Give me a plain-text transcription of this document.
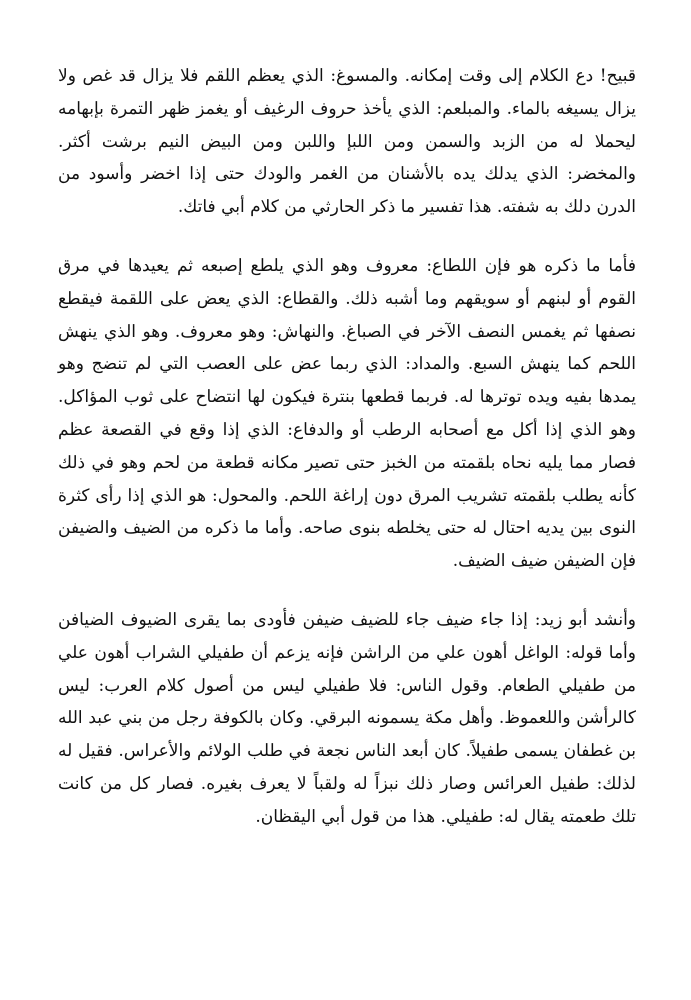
قبيح! دع الكلام إلى وقت إمكانه. والمسوغ: الذي يعظم اللقم فلا يزال قد غص ولا يزال يسيغه بالماء. والمبلعم: الذي يأخذ حروف الرغيف أو يغمز ظهر التمرة بإبهامه ليحملا له من الزبد والسمن ومن اللبإ واللبن ومن البيض النيم برشت أكثر. والمخضر: الذي يدلك يده بالأشنان من الغمر والودك حتى إذا اخضر وأسود من الدرن دلك به شفته. هذا تفسير ما ذكر الحارثي من كلام أبي فاتك.

فأما ما ذكره هو فإن اللطاع: معروف وهو الذي يلطع إصبعه ثم يعيدها في مرق القوم أو لبنهم أو سويقهم وما أشبه ذلك. والقطاع: الذي يعض على اللقمة فيقطع نصفها ثم يغمس النصف الآخر في الصباغ. والنهاش: وهو معروف. وهو الذي ينهش اللحم كما ينهش السبع. والمداد: الذي ربما عض على العصب التي لم تنضج وهو يمدها بفيه ويده توترها له. فربما قطعها بنترة فيكون لها انتضاح على ثوب المؤاكل. وهو الذي إذا أكل مع أصحابه الرطب أو والدفاع: الذي إذا وقع في القصعة عظم فصار مما يليه نحاه بلقمته من الخبز حتى تصير مكانه قطعة من لحم وهو في ذلك كأنه يطلب بلقمته تشريب المرق دون إراغة اللحم. والمحول: هو الذي إذا رأى كثرة النوى بين يديه احتال له حتى يخلطه بنوى صاحه. وأما ما ذكره من الضيف والضيفن فإن الضيفن ضيف الضيف.

وأنشد أبو زيد: إذا جاء ضيف جاء للضيف ضيفن فأودى بما يقرى الضيوف الضيافن وأما قوله: الواغل أهون علي من الراشن فإنه يزعم أن طفيلي الشراب أهون علي من طفيلي الطعام. وقول الناس: فلا طفيلي ليس من أصول كلام العرب: ليس كالرأشن واللعموظ. وأهل مكة يسمونه البرقي. وكان بالكوفة رجل من بني عبد الله بن غطفان يسمى طفيلاً. كان أبعد الناس نجعة في طلب الولائم والأعراس. فقيل له لذلك: طفيل العرائس وصار ذلك نبزاً له ولقباً لا يعرف بغيره. فصار كل من كانت تلك طعمته يقال له: طفيلي. هذا من قول أبي اليقظان.
